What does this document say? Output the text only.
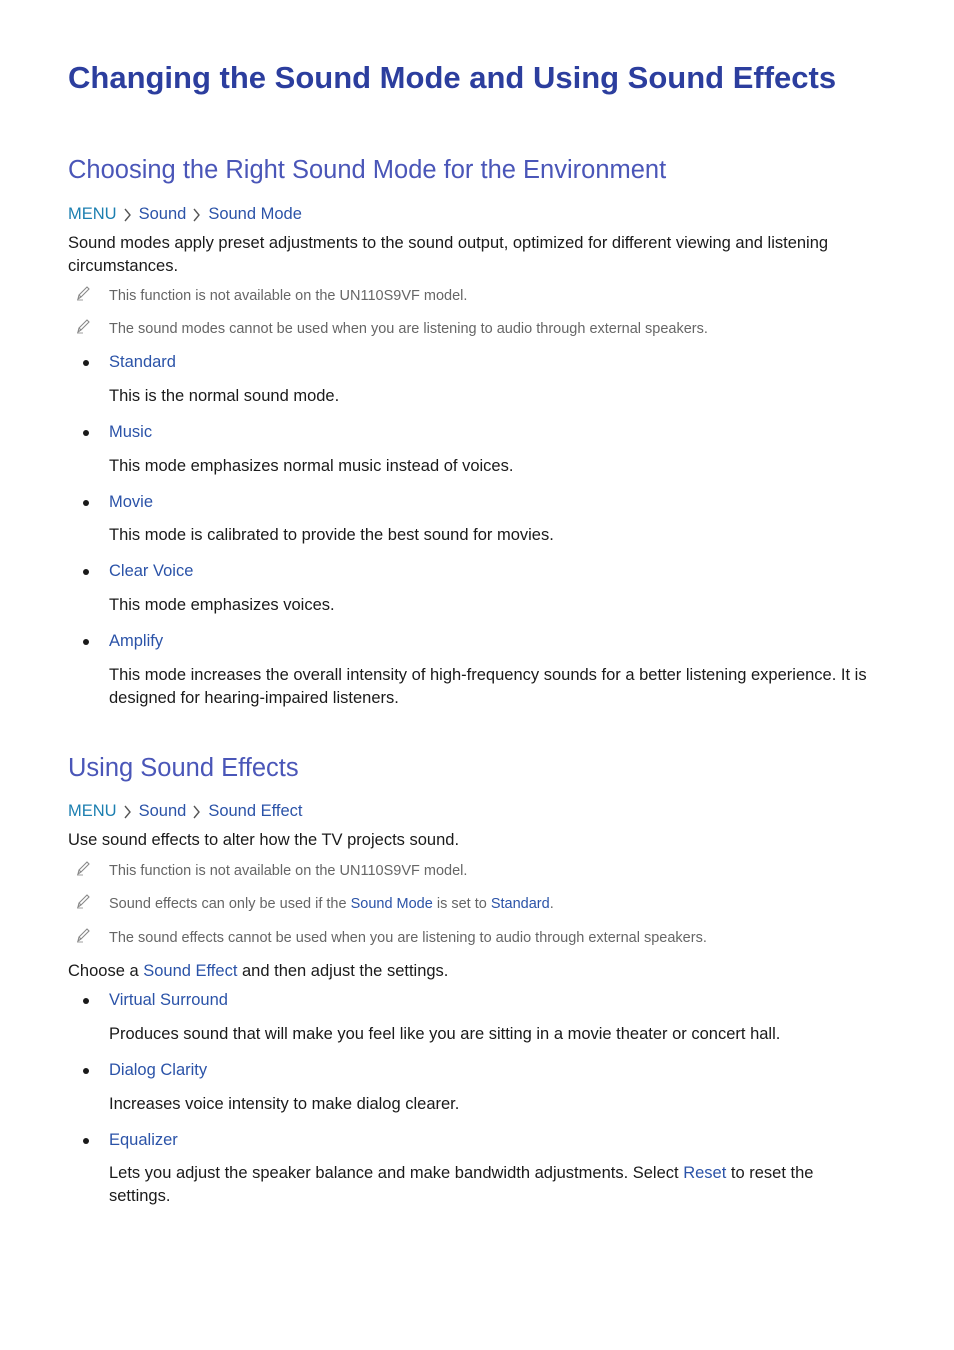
Changing the Sound Mode and Using Sound Effects
Choosing the Right Sound Mode for the Environment
MENU Sound Sound Mode
Sound modes apply preset adjustments to the sound output, optimized for different viewing and listening circumstances.
This function is not available on the UN110S9VF model.
The sound modes cannot be used when you are listening to audio through external speakers.
Standard
This is the normal sound mode.
Music
This mode emphasizes normal music instead of voices.
Movie
This mode is calibrated to provide the best sound for movies.
Clear Voice
This mode emphasizes voices.
Amplify
This mode increases the overall intensity of high-frequency sounds for a better listening experience. It is designed for hearing-impaired listeners.
Using Sound Effects
MENU Sound Sound Effect
Use sound effects to alter how the TV projects sound.
This function is not available on the UN110S9VF model.
Sound effects can only be used if the Sound Mode is set to Standard .
The sound effects cannot be used when you are listening to audio through external speakers.
Choose a Sound Effect and then adjust the settings.
Virtual Surround
Produces sound that will make you feel like you are sitting in a movie theater or concert hall.
Dialog Clarity
Increases voice intensity to make dialog clearer.
Equalizer
Lets you adjust the speaker balance and make bandwidth adjustments. Select Reset to reset the settings.
